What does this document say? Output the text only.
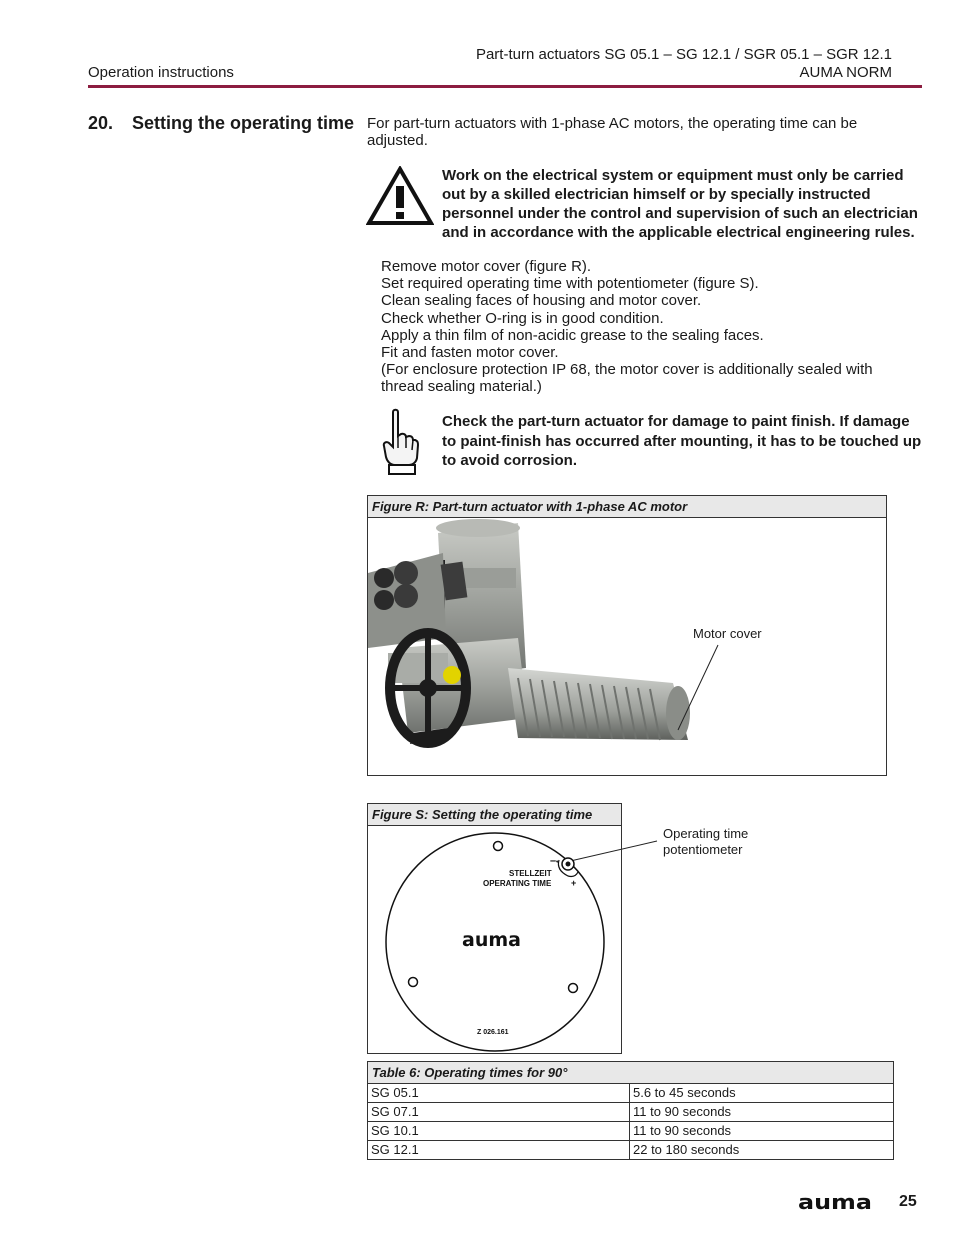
Operation instructions
Part-turn actuators SG 05.1 – SG 12.1 / SGR 05.1 – SGR 12.1
AUMA NORM
20. Setting the operating time For part-turn actuators with 1-phase AC motors, the operating time can be adjusted.
Work on the electrical system or equipment must only be carried out by a skilled electrician himself or by specially instructed personnel under the control and supervision of such an electrician and in accordance with the applicable electrical engineering rules.
Remove motor cover (figure R).
Set required operating time with potentiometer (figure S).
Clean sealing faces of housing and motor cover.
Check whether O-ring is in good condition.
Apply a thin film of non-acidic grease to the sealing faces.
Fit and fasten motor cover.
(For enclosure protection IP 68, the motor cover is additionally sealed with thread sealing material.)
Check the part-turn actuator for damage to paint finish. If damage to paint-finish has occurred after mounting, it has to be touched up to avoid corrosion.
Figure R: Part-turn actuator with 1-phase AC motor
Motor cover
Figure S: Setting the operating time
–
+
STELLZEIT
OPERATING TIME
auma
Z 026.161
Operating time
potentiometer
Table 6: Operating times for 90°
SG 05.1	5.6 to 45 seconds
SG 07.1	11 to 90 seconds
SG 10.1	11 to 90 seconds
SG 12.1	22 to 180 seconds
auma 25
